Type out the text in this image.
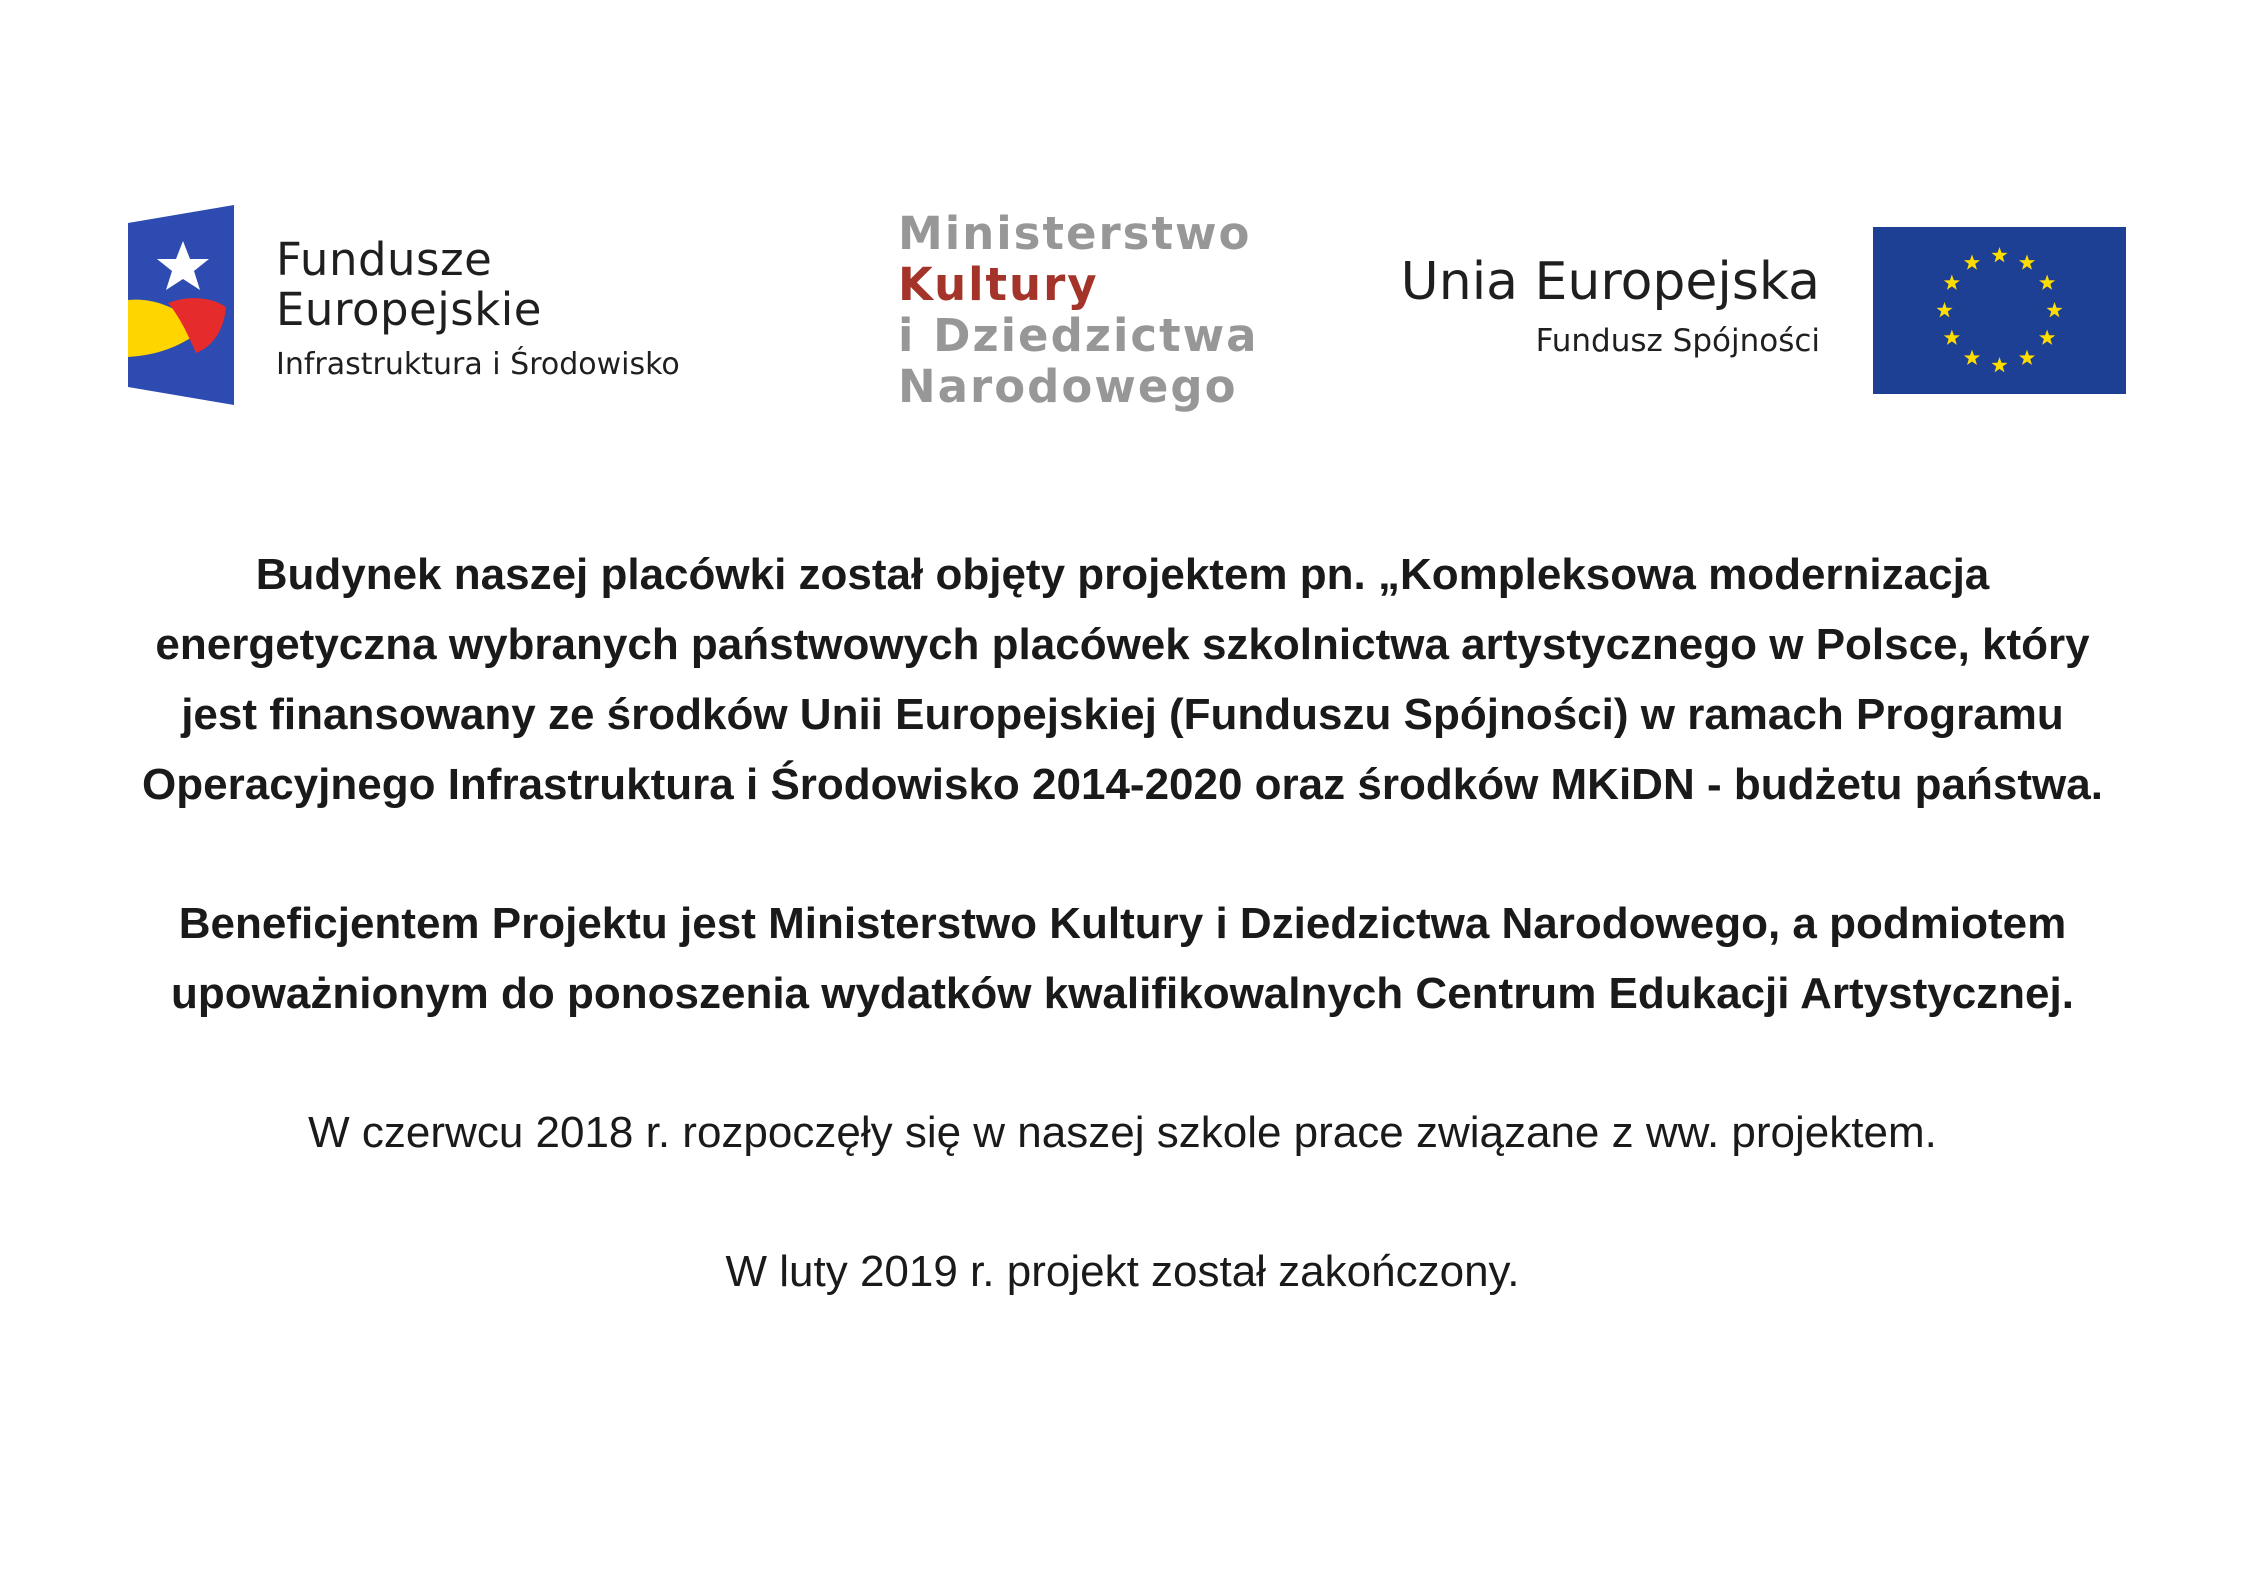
Fundusze
Europejskie
Infrastruktura i Środowisko
Ministerstwo
Kultury
i Dziedzictwa
Narodowego
Unia Europejska
Fundusz Spójności

Budynek naszej placówki został objęty projektem pn. „Kompleksowa modernizacja energetyczna wybranych państwowych placówek szkolnictwa artystycznego w Polsce, który jest finansowany ze środków Unii Europejskiej (Funduszu Spójności) w ramach Programu Operacyjnego Infrastruktura i Środowisko 2014-2020 oraz środków MKiDN - budżetu państwa.

Beneficjentem Projektu jest Ministerstwo Kultury i Dziedzictwa Narodowego, a podmiotem upoważnionym do ponoszenia wydatków kwalifikowalnych Centrum Edukacji Artystycznej.

W czerwcu 2018 r. rozpoczęły się w naszej szkole prace związane z ww. projektem.

W luty 2019 r. projekt został zakończony.
